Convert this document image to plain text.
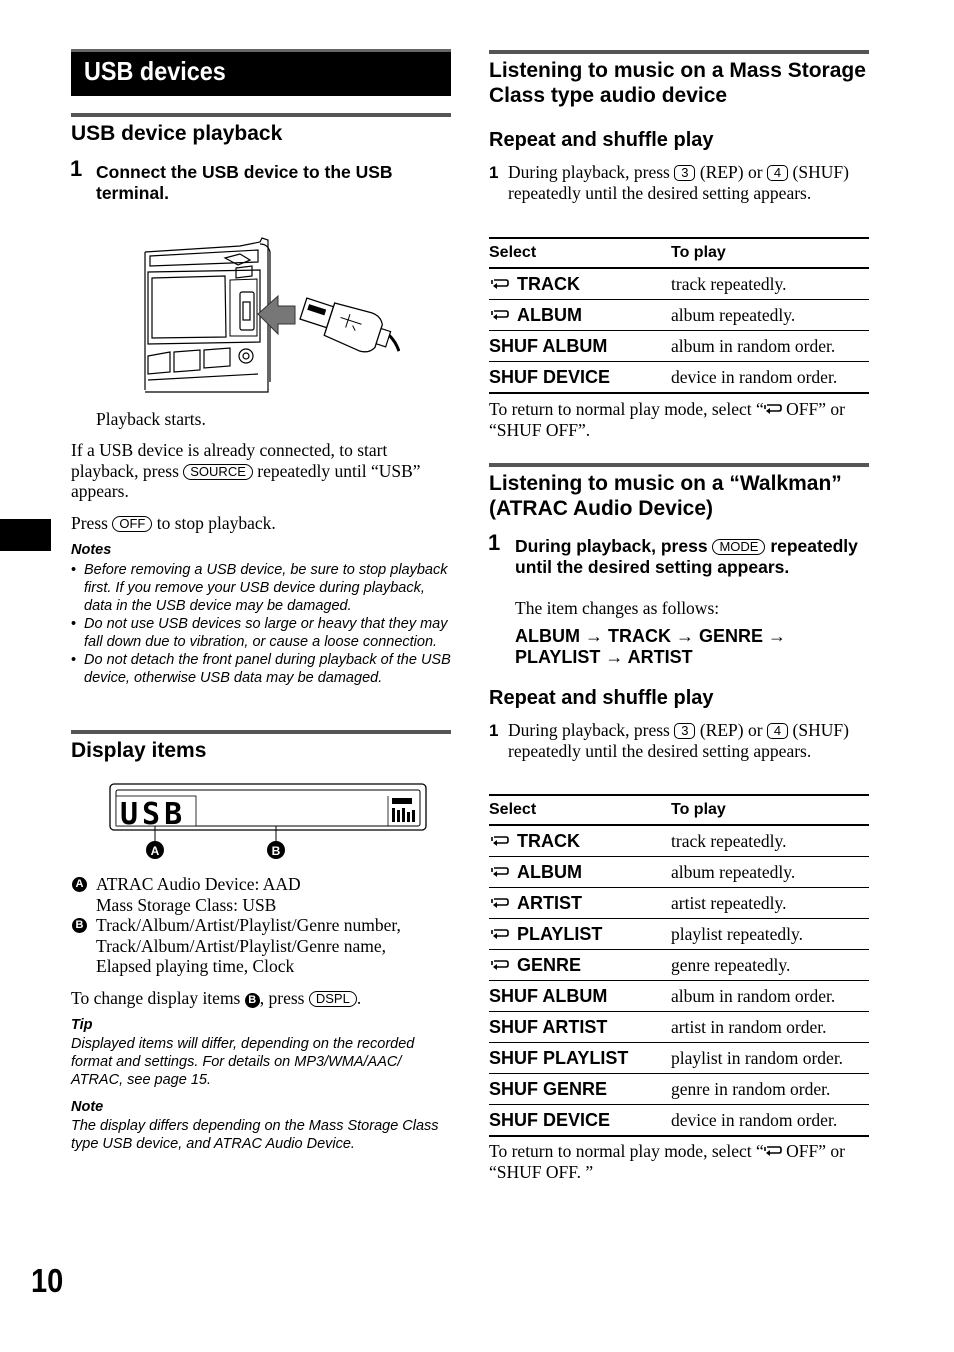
USB devices
USB device playback
1 Connect the USB device to the USB terminal.
Playback starts.
If a USB device is already connected, to start playback, press SOURCE repeatedly until “USB” appears.
Press OFF to stop playback.
Notes
• Before removing a USB device, be sure to stop playback first. If you remove your USB device during playback, data in the USB device may be damaged.
• Do not use USB devices so large or heavy that they may fall down due to vibration, or cause a loose connection.
• Do not detach the front panel during playback of the USB device, otherwise USB data may be damaged.
Display items
USB
A	B
A ATRAC Audio Device: AAD
Mass Storage Class: USB
B Track/Album/Artist/Playlist/Genre number,
Track/Album/Artist/Playlist/Genre name,
Elapsed playing time, Clock
To change display items B , press DSPL .
Tip
Displayed items will differ, depending on the recorded format and settings. For details on MP3/WMA/AAC/ ATRAC, see page 15.
Note
The display differs depending on the Mass Storage Class type USB device, and ATRAC Audio Device.
10
Listening to music on a Mass Storage Class type audio device
Repeat and shuffle play
1 During playback, press 3 (REP) or 4 (SHUF) repeatedly until the desired setting appears.
Select	To play
TRACK	track repeatedly.
ALBUM	album repeatedly.
SHUF ALBUM	album in random order.
SHUF DEVICE	device in random order.
To return to normal play mode, select “ OFF” or “SHUF OFF”.
Listening to music on a “Walkman” (ATRAC Audio Device)
1 During playback, press MODE repeatedly until the desired setting appears.
The item changes as follows:
ALBUM → TRACK → GENRE →
PLAYLIST → ARTIST
Repeat and shuffle play
1 During playback, press 3 (REP) or 4 (SHUF) repeatedly until the desired setting appears.
Select	To play
TRACK	track repeatedly.
ALBUM	album repeatedly.
ARTIST	artist repeatedly.
PLAYLIST	playlist repeatedly.
GENRE	genre repeatedly.
SHUF ALBUM	album in random order.
SHUF ARTIST	artist in random order.
SHUF PLAYLIST	playlist in random order.
SHUF GENRE	genre in random order.
SHUF DEVICE	device in random order.
To return to normal play mode, select “ OFF” or “SHUF OFF. ”
